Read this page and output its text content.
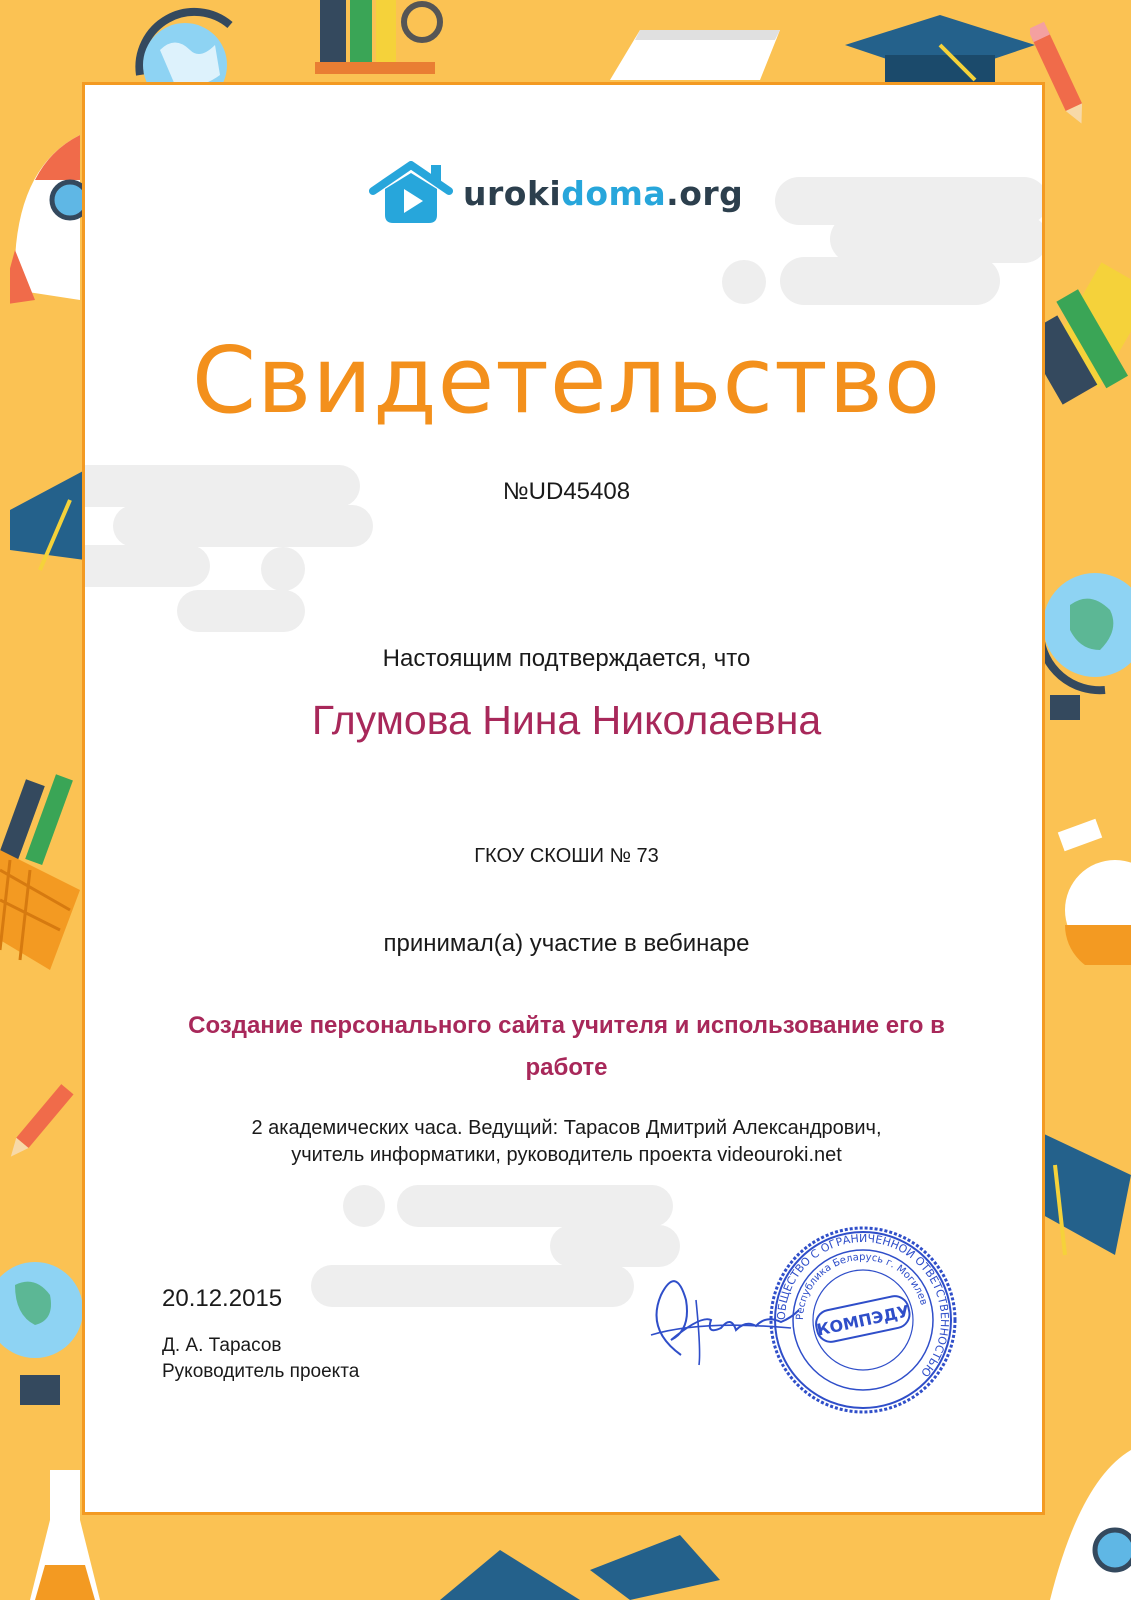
urokidoma.org
Свидетельство
№UD45408
Настоящим подтверждается, что
Глумова Нина Николаевна
ГКОУ СКОШИ № 73
принимал(а) участие в вебинаре
Создание персонального сайта учителя и использование его в работе
2 академических часа. Ведущий: Тарасов Дмитрий Александрович,
учитель информатики, руководитель проекта videouroki.net
20.12.2015
Д. А. Тарасов
Руководитель проекта
ОБЩЕСТВО С ОГРАНИЧЕННОЙ ОТВЕТСТВЕННОСТЬЮ
Республика Беларусь г. Могилев
КОМПЭДУ
